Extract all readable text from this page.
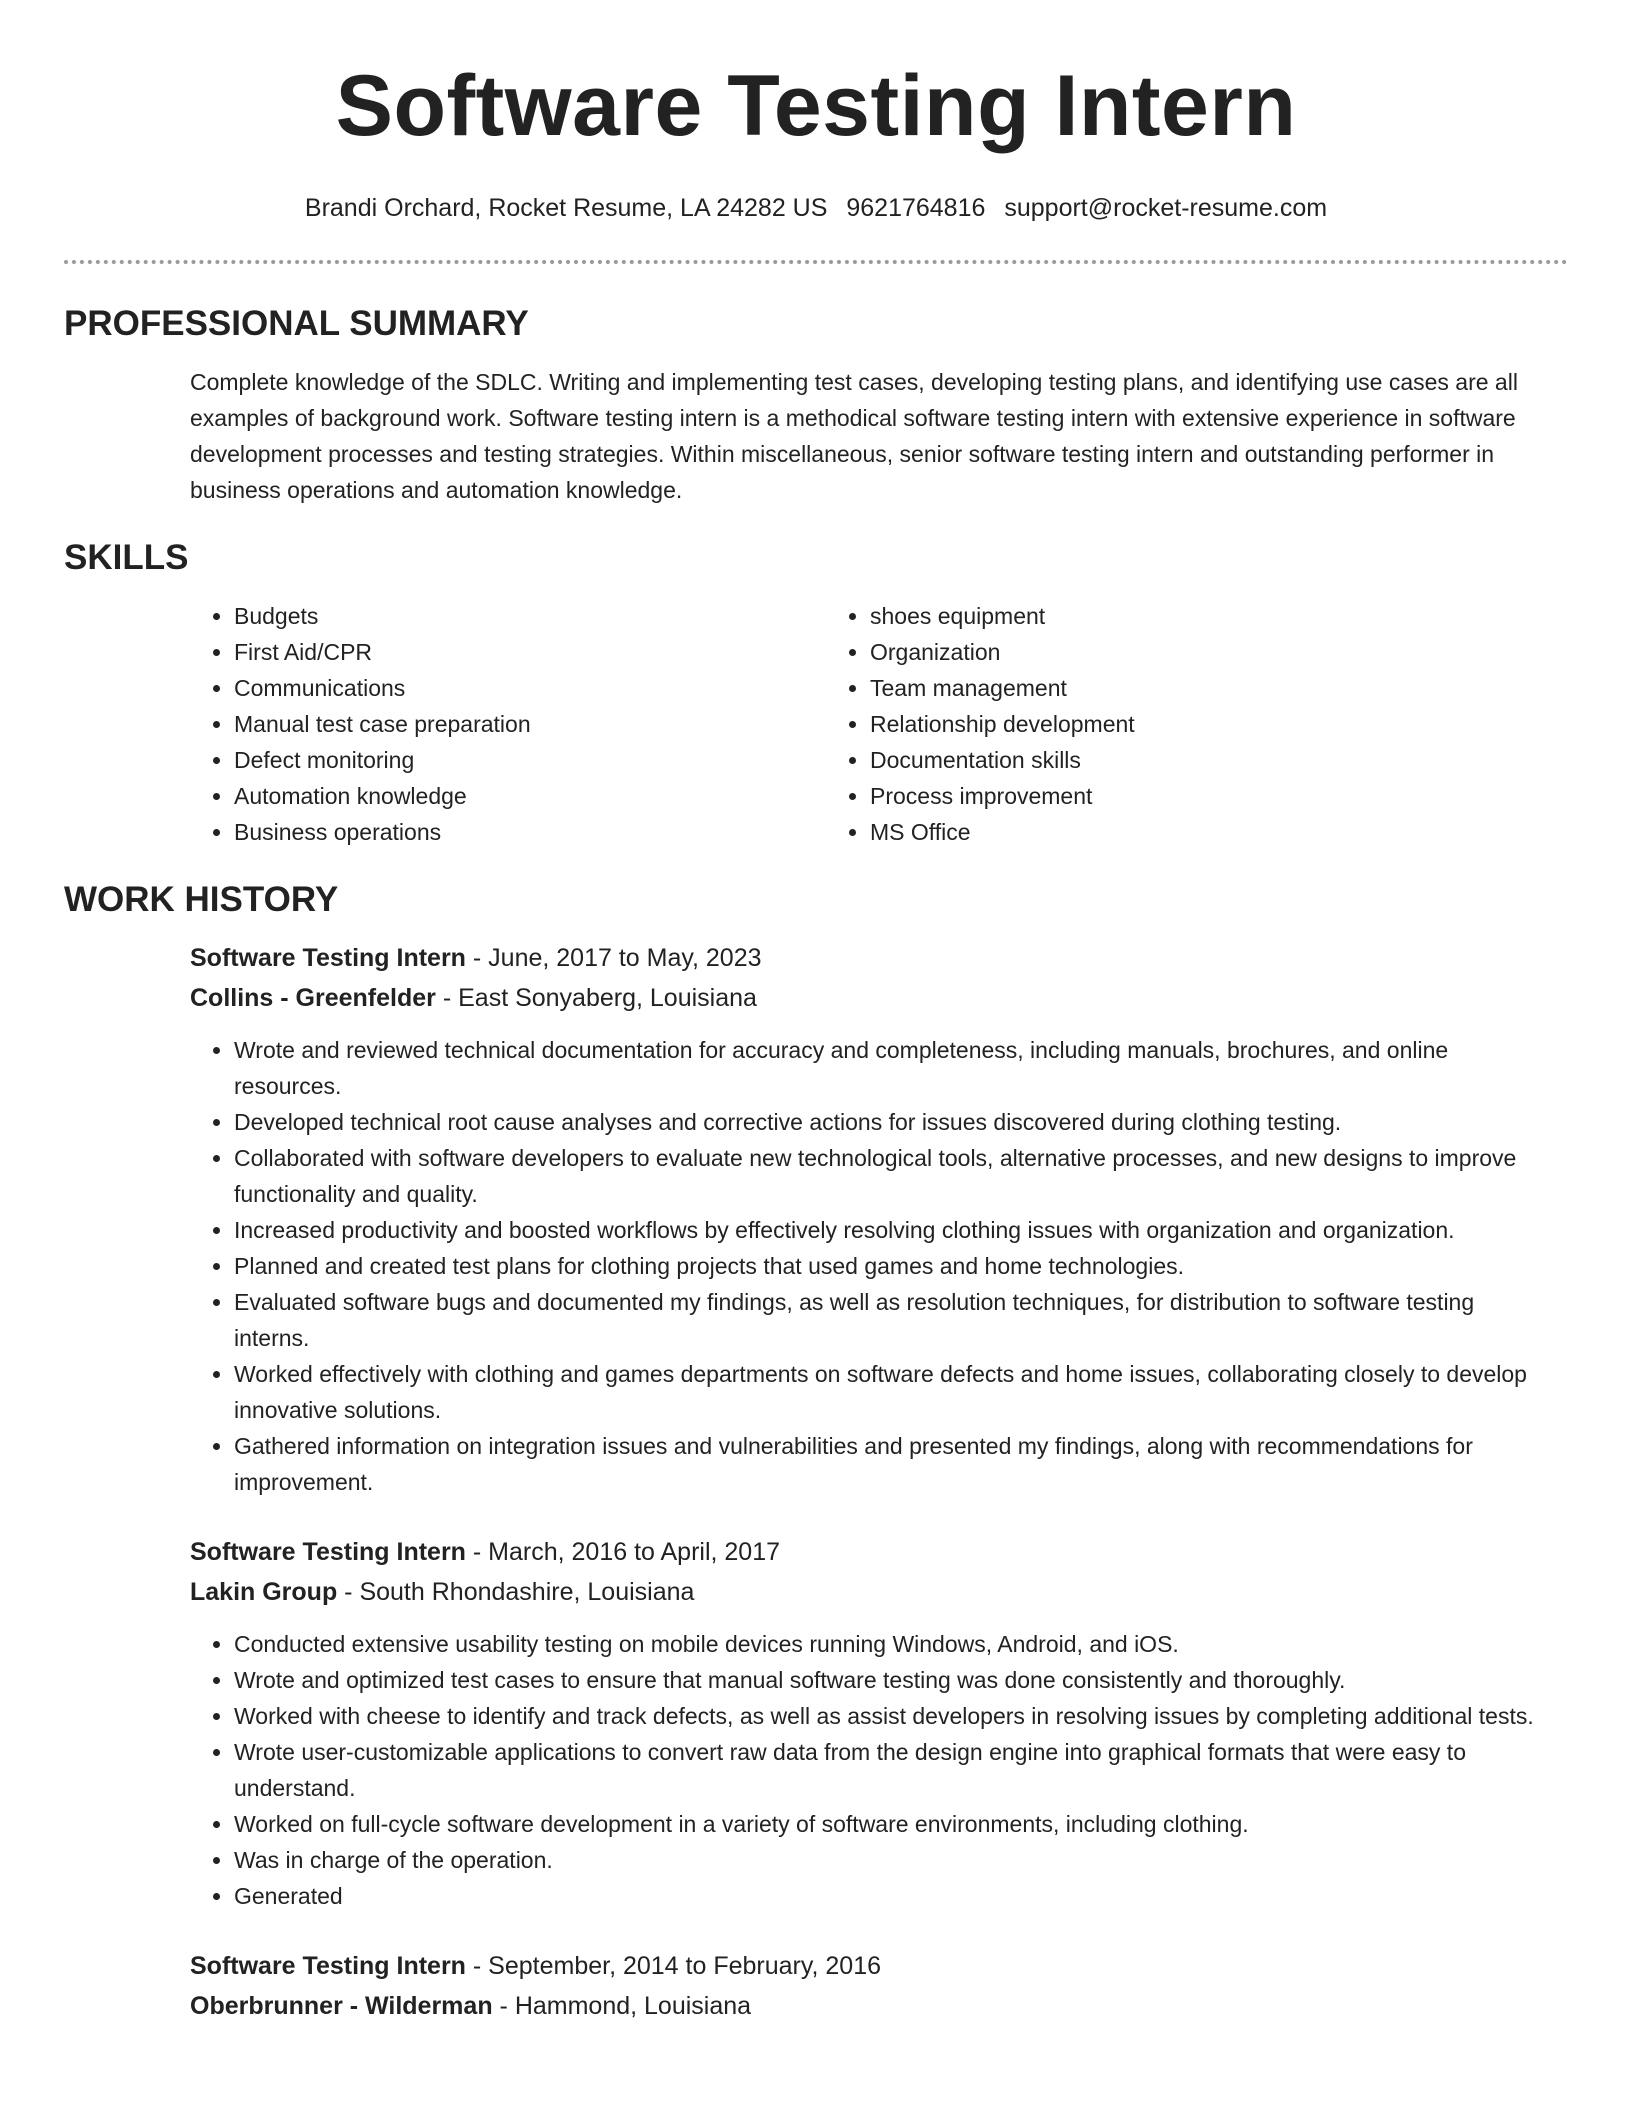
Software Testing Intern
Brandi Orchard, Rocket Resume, LA 24282 US 9621764816 support@rocket-resume.com
PROFESSIONAL SUMMARY

Complete knowledge of the SDLC. Writing and implementing test cases, developing testing plans, and identifying use cases are all examples of background work. Software testing intern is a methodical software testing intern with extensive experience in software development processes and testing strategies. Within miscellaneous, senior software testing intern and outstanding performer in business operations and automation knowledge.

SKILLS
• Budgets
• First Aid/CPR
• Communications
• Manual test case preparation
• Defect monitoring
• Automation knowledge
• Business operations
• shoes equipment
• Organization
• Team management
• Relationship development
• Documentation skills
• Process improvement
• MS Office
WORK HISTORY

Software Testing Intern - June, 2017 to May, 2023

Collins - Greenfelder - East Sonyaberg, Louisiana

• Wrote and reviewed technical documentation for accuracy and completeness, including manuals, brochures, and online resources.
• Developed technical root cause analyses and corrective actions for issues discovered during clothing testing.
• Collaborated with software developers to evaluate new technological tools, alternative processes, and new designs to improve functionality and quality.
• Increased productivity and boosted workflows by effectively resolving clothing issues with organization and organization.
• Planned and created test plans for clothing projects that used games and home technologies.
• Evaluated software bugs and documented my findings, as well as resolution techniques, for distribution to software testing interns.
• Worked effectively with clothing and games departments on software defects and home issues, collaborating closely to develop innovative solutions.
• Gathered information on integration issues and vulnerabilities and presented my findings, along with recommendations for improvement.

Software Testing Intern - March, 2016 to April, 2017

Lakin Group - South Rhondashire, Louisiana

• Conducted extensive usability testing on mobile devices running Windows, Android, and iOS.
• Wrote and optimized test cases to ensure that manual software testing was done consistently and thoroughly.
• Worked with cheese to identify and track defects, as well as assist developers in resolving issues by completing additional tests.
• Wrote user-customizable applications to convert raw data from the design engine into graphical formats that were easy to understand.
• Worked on full-cycle software development in a variety of software environments, including clothing.
• Was in charge of the operation.
• Generated

Software Testing Intern - September, 2014 to February, 2016

Oberbrunner - Wilderman - Hammond, Louisiana
